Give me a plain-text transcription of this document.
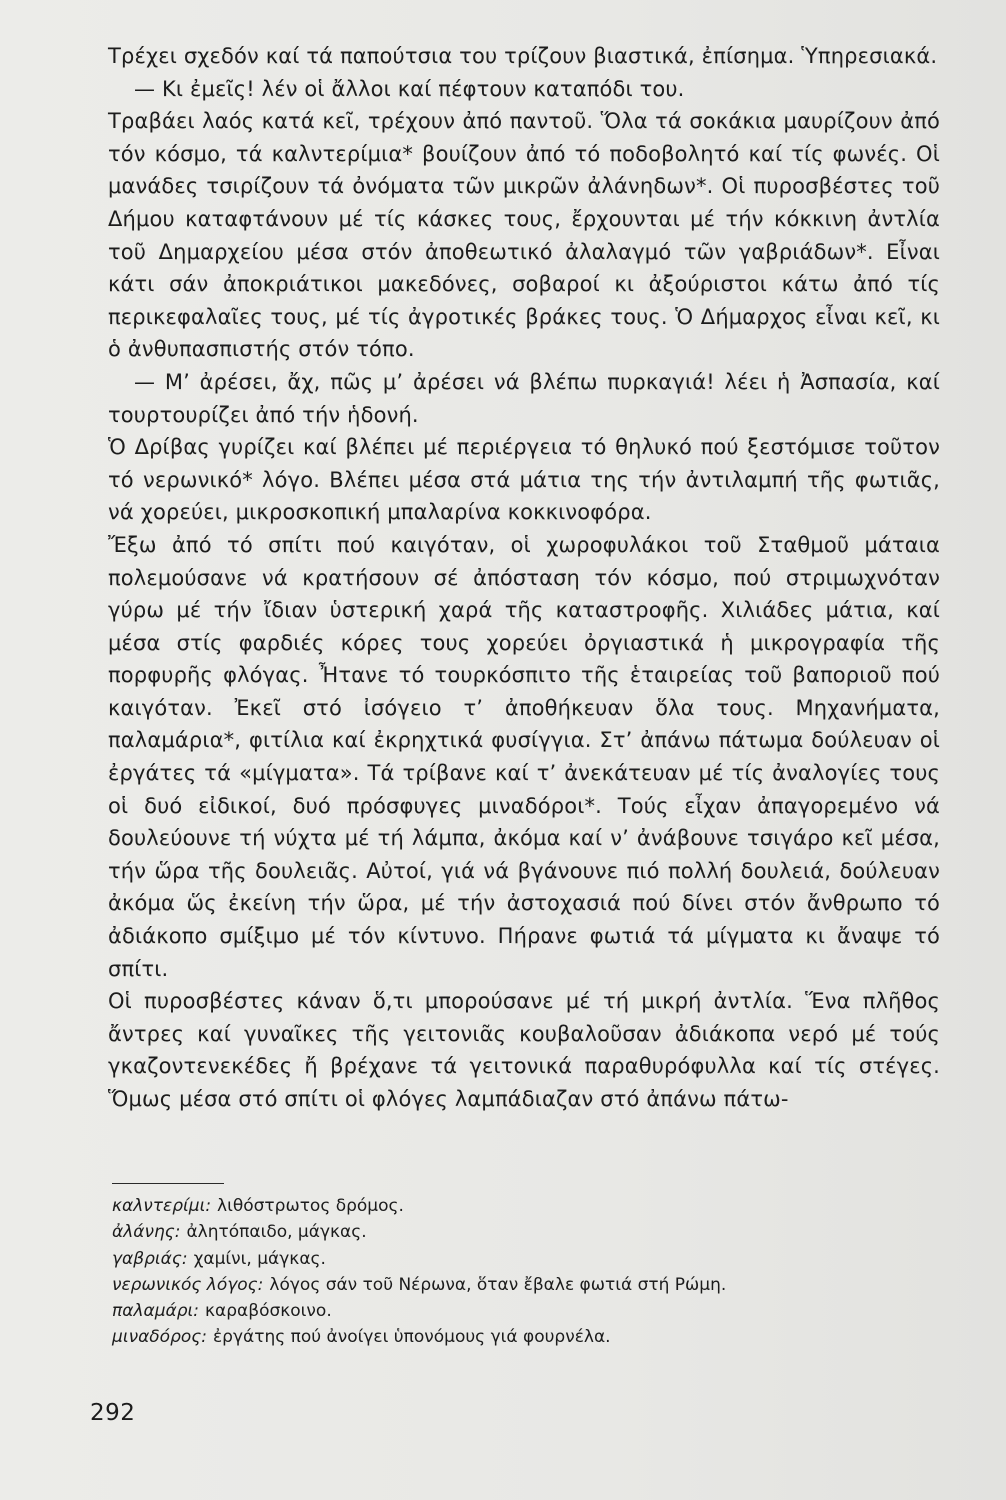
Τρέχει σχεδόν καί τά παπούτσια του τρίζουν βιαστικά, ἐπίσημα. Ὑπηρεσιακά.

— Κι ἐμεῖς! λέν οἱ ἄλλοι καί πέφτουν καταπόδι του.

Τραβάει λαός κατά κεῖ, τρέχουν ἀπό παντοῦ. Ὅλα τά σοκάκια μαυρίζουν ἀπό τόν κόσμο, τά καλντερίμια* βουίζουν ἀπό τό ποδοβολητό καί τίς φωνές. Οἱ μανάδες τσιρίζουν τά ὀνόματα τῶν μικρῶν ἀλάνηδων*. Οἱ πυροσβέστες τοῦ Δήμου καταφτάνουν μέ τίς κάσκες τους, ἔρχουνται μέ τήν κόκκινη ἀντλία τοῦ Δημαρχείου μέσα στόν ἀποθεωτικό ἀλαλαγμό τῶν γαβριάδων*. Εἶναι κάτι σάν ἀποκριάτικοι μακεδόνες, σοβαροί κι ἀξούριστοι κάτω ἀπό τίς περικεφαλαῖες τους, μέ τίς ἀγροτικές βράκες τους. Ὁ Δήμαρχος εἶναι κεῖ, κι ὁ ἀνθυπασπιστής στόν τόπο.

— Μ’ ἀρέσει, ἄχ, πῶς μ’ ἀρέσει νά βλέπω πυρκαγιά! λέει ἡ Ἀσπασία, καί τουρτουρίζει ἀπό τήν ἡδονή.

Ὁ Δρίβας γυρίζει καί βλέπει μέ περιέργεια τό θηλυκό πού ξεστόμισε τοῦτον τό νερωνικό* λόγο. Βλέπει μέσα στά μάτια της τήν ἀντιλαμπή τῆς φωτιᾶς, νά χορεύει, μικροσκοπική μπαλαρίνα κοκκινοφόρα.

Ἔξω ἀπό τό σπίτι πού καιγόταν, οἱ χωροφυλάκοι τοῦ Σταθμοῦ μάταια πολεμούσανε νά κρατήσουν σέ ἀπόσταση τόν κόσμο, πού στριμωχνόταν γύρω μέ τήν ἴδιαν ὑστερική χαρά τῆς καταστροφῆς. Χιλιάδες μάτια, καί μέσα στίς φαρδιές κόρες τους χορεύει ὀργιαστικά ἡ μικρογραφία τῆς πορφυρῆς φλόγας. Ἦτανε τό τουρκόσπιτο τῆς ἑταιρείας τοῦ βαποριοῦ πού καιγόταν. Ἐκεῖ στό ἰσόγειο τ’ ἀποθήκευαν ὅλα τους. Μηχανήματα, παλαμάρια*, φιτίλια καί ἐκρηχτικά φυσίγγια. Στ’ ἀπάνω πάτωμα δούλευαν οἱ ἐργάτες τά «μίγματα». Τά τρίβανε καί τ’ ἀνεκάτευαν μέ τίς ἀναλογίες τους οἱ δυό εἰδικοί, δυό πρόσφυγες μιναδόροι*. Τούς εἶχαν ἀπαγορεμένο νά δουλεύουνε τή νύχτα μέ τή λάμπα, ἀκόμα καί ν’ ἀνάβουνε τσιγάρο κεῖ μέσα, τήν ὥρα τῆς δουλειᾶς. Αὐτοί, γιά νά βγάνουνε πιό πολλή δουλειά, δούλευαν ἀκόμα ὥς ἐκείνη τήν ὥρα, μέ τήν ἀστοχασιά πού δίνει στόν ἄνθρωπο τό ἀδιάκοπο σμίξιμο μέ τόν κίντυνο. Πήρανε φωτιά τά μίγματα κι ἄναψε τό σπίτι.

Οἱ πυροσβέστες κάναν ὅ,τι μπορούσανε μέ τή μικρή ἀντλία. Ἕνα πλῆθος ἄντρες καί γυναῖκες τῆς γειτονιᾶς κουβαλοῦσαν ἀδιάκοπα νερό μέ τούς γκαζοντενεκέδες ἤ βρέχανε τά γειτονικά παραθυρόφυλλα καί τίς στέγες. Ὅμως μέσα στό σπίτι οἱ φλόγες λαμπάδιαζαν στό ἀπάνω πάτω-

καλντερίμι: λιθόστρωτος δρόμος.
ἀλάνης: ἀλητόπαιδο, μάγκας.
γαβριάς: χαμίνι, μάγκας.
νερωνικός λόγος: λόγος σάν τοῦ Νέρωνα, ὅταν ἔβαλε φωτιά στή Ρώμη.
παλαμάρι: καραβόσκοινο.
μιναδόρος: ἐργάτης πού ἀνοίγει ὑπονόμους γιά φουρνέλα.
292
